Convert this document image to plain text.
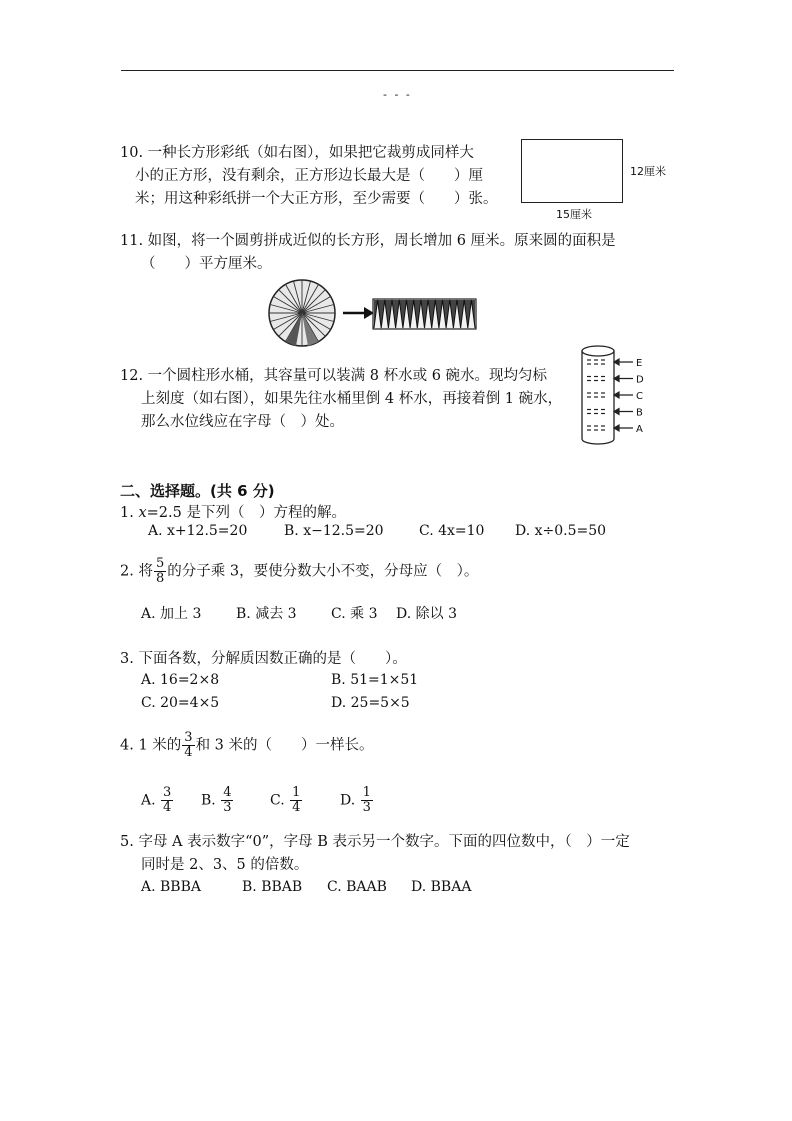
- - -
10. 一种长方形彩纸（如右图），如果把它裁剪成同样大
小的正方形，没有剩余，正方形边长最大是（　　）厘
米；用这种彩纸拼一个大正方形，至少需要（　　）张。
12厘米
15厘米
11. 如图，将一个圆剪拼成近似的长方形，周长增加 6 厘米。原来圆的面积是
（　　）平方厘米。
12. 一个圆柱形水桶，其容量可以装满 8 杯水或 6 碗水。现均匀标
上刻度（如右图），如果先往水桶里倒 4 杯水，再接着倒 1 碗水，
那么水位线应在字母（　）处。
E
D
C
B
A
二、选择题。(共 6 分)
1. x=2.5 是下列（　）方程的解。
A. x+12.5=20	B. x−12.5=20	C. 4x=10 D. x÷0.5=50
2. 将 $\frac{5}{8}$ 的分子乘 3，要使分数大小不变，分母应（　）。
A. 加上 3 B. 减去 3 C. 乘 3 D. 除以 3
3. 下面各数，分解质因数正确的是（　　）。
A. 16=2×8	B. 51=1×51
C. 20=4×5	D. 25=5×5
4. 1 米的 $\frac{3}{4}$ 和 3 米的（　　）一样长。
A. $\frac{3}{4} B$. $\frac{4}{3}$	C. $\frac{1}{4}$	D. $\frac{1}{3}$
5. 字母 A 表示数字“0”，字母 B 表示另一个数字。下面的四位数中，（　）一定
同时是 2、3、5 的倍数。
A. BBBA	B. BBAB C. BAAB D. BBAA
